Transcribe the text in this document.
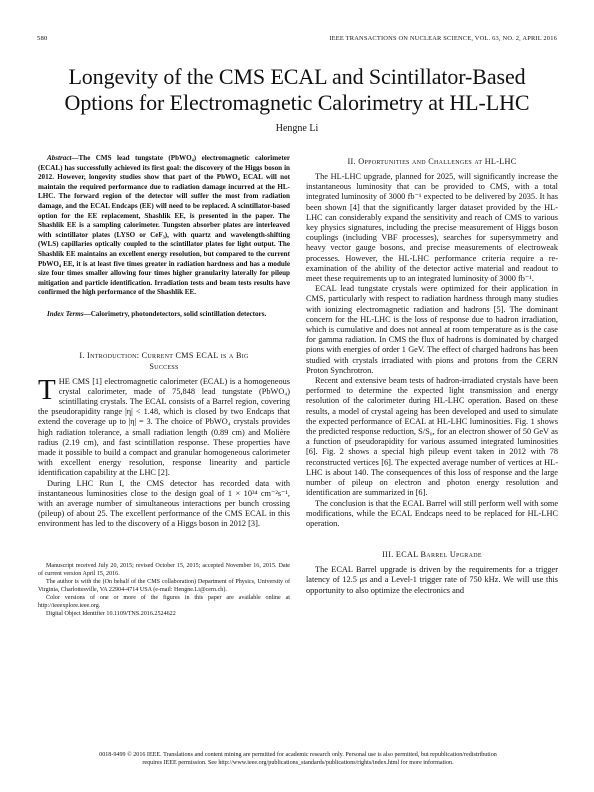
580	IEEE TRANSACTIONS ON NUCLEAR SCIENCE, VOL. 63, NO. 2, APRIL 2016
Longevity of the CMS ECAL and Scintillator-Based Options for Electromagnetic Calorimetry at HL-LHC
Hengne Li
Abstract—The CMS lead tungstate (PbWO₄) electromagnetic calorimeter (ECAL) has successfully achieved its first goal: the discovery of the Higgs boson in 2012. However, longevity studies show that part of the PbWO₄ ECAL will not maintain the required performance due to radiation damage incurred at the HL-LHC. The forward region of the detector will suffer the most from radiation damage, and the ECAL Endcaps (EE) will need to be replaced. A scintillator-based option for the EE replacement, Shashlik EE, is presented in the paper. The Shashlik EE is a sampling calorimeter. Tungsten absorber plates are interleaved with scintillator plates (LYSO or CeF₃), with quartz and wavelength-shifting (WLS) capillaries optically coupled to the scintillator plates for light output. The Shashlik EE maintains an excellent energy resolution, but compared to the current PbWO₄ EE, it is at least five times greater in radiation hardness and has a module size four times smaller allowing four times higher granularity laterally for pileup mitigation and particle identification. Irradiation tests and beam tests results have confirmed the high performance of the Shashlik EE.
Index Terms—Calorimetry, photondetectors, solid scintillation detectors.
I. Introduction: Current CMS ECAL is a Big
Success

THE CMS [1] electromagnetic calorimeter (ECAL) is a homogeneous crystal calorimeter, made of 75,848 lead tungstate (PbWO₄) scintillating crystals. The ECAL consists of a Barrel region, covering the pseudorapidity range |η| < 1.48, which is closed by two Endcaps that extend the coverage up to |η| = 3. The choice of PbWO₄ crystals provides high radiation tolerance, a small radiation length (0.89 cm) and Molière radius (2.19 cm), and fast scintillation response. These properties have made it possible to build a compact and granular homogeneous calorimeter with excellent energy resolution, response linearity and particle identification capability at the LHC [2].

During LHC Run I, the CMS detector has recorded data with instantaneous luminosities close to the design goal of 1 × 10³⁴ cm⁻²s⁻¹, with an average number of simultaneous interactions per bunch crossing (pileup) of about 25. The excellent performance of the CMS ECAL in this environment has led to the discovery of a Higgs boson in 2012 [3].

Manuscript received July 20, 2015; revised October 15, 2015; accepted November 16, 2015. Date of current version April 15, 2016.

The author is with the (On behalf of the CMS collaboration) Department of Physics, University of Virginia, Charlottesville, VA 22904-4714 USA (e-mail: Hengne.Li@cern.ch).

Color versions of one or more of the figures in this paper are available online at http://ieeexplore.ieee.org.

Digital Object Identifier 10.1109/TNS.2016.2524622

II. Opportunities and Challenges at HL-LHC

The HL-LHC upgrade, planned for 2025, will significantly increase the instantaneous luminosity that can be provided to CMS, with a total integrated luminosity of 3000 fb⁻¹ expected to be delivered by 2035. It has been shown [4] that the significantly larger dataset provided by the HL-LHC can considerably expand the sensitivity and reach of CMS to various key physics signatures, including the precise measurement of Higgs boson couplings (including VBF processes), searches for supersymmetry and heavy vector gauge bosons, and precise measurements of electroweak processes. However, the HL-LHC performance criteria require a re-examination of the ability of the detector active material and readout to meet these requirements up to an integrated luminosity of 3000 fb⁻¹.

ECAL lead tungstate crystals were optimized for their application in CMS, particularly with respect to radiation hardness through many studies with ionizing electromagnetic radiation and hadrons [5]. The dominant concern for the HL-LHC is the loss of response due to hadron irradiation, which is cumulative and does not anneal at room temperature as is the case for gamma radiation. In CMS the flux of hadrons is dominated by charged pions with energies of order 1 GeV. The effect of charged hadrons has been studied with crystals irradiated with pions and protons from the CERN Proton Synchrotron.

Recent and extensive beam tests of hadron-irradiated crystals have been performed to determine the expected light transmission and energy resolution of the calorimeter during HL-LHC operation. Based on these results, a model of crystal ageing has been developed and used to simulate the expected performance of ECAL at HL-LHC luminosities. Fig. 1 shows the predicted response reduction, S/S₀, for an electron shower of 50 GeV as a function of pseudorapidity for various assumed integrated luminosities [6]. Fig. 2 shows a special high pileup event taken in 2012 with 78 reconstructed vertices [6]. The expected average number of vertices at HL-LHC is about 140. The consequences of this loss of response and the large number of pileup on electron and photon energy resolution and identification are summarized in [6].

The conclusion is that the ECAL Barrel will still perform well with some modifications, while the ECAL Endcaps need to be replaced for HL-LHC operation.

III. ECAL Barrel Upgrade

The ECAL Barrel upgrade is driven by the requirements for a trigger latency of 12.5 μs and a Level-1 trigger rate of 750 kHz. We will use this opportunity to also optimize the electronics and

0018-9499 © 2016 IEEE. Translations and content mining are permitted for academic research only. Personal use is also permitted, but republication/redistribution
requires IEEE permission. See http://www.ieee.org/publications_standards/publications/rights/index.html for more information.
